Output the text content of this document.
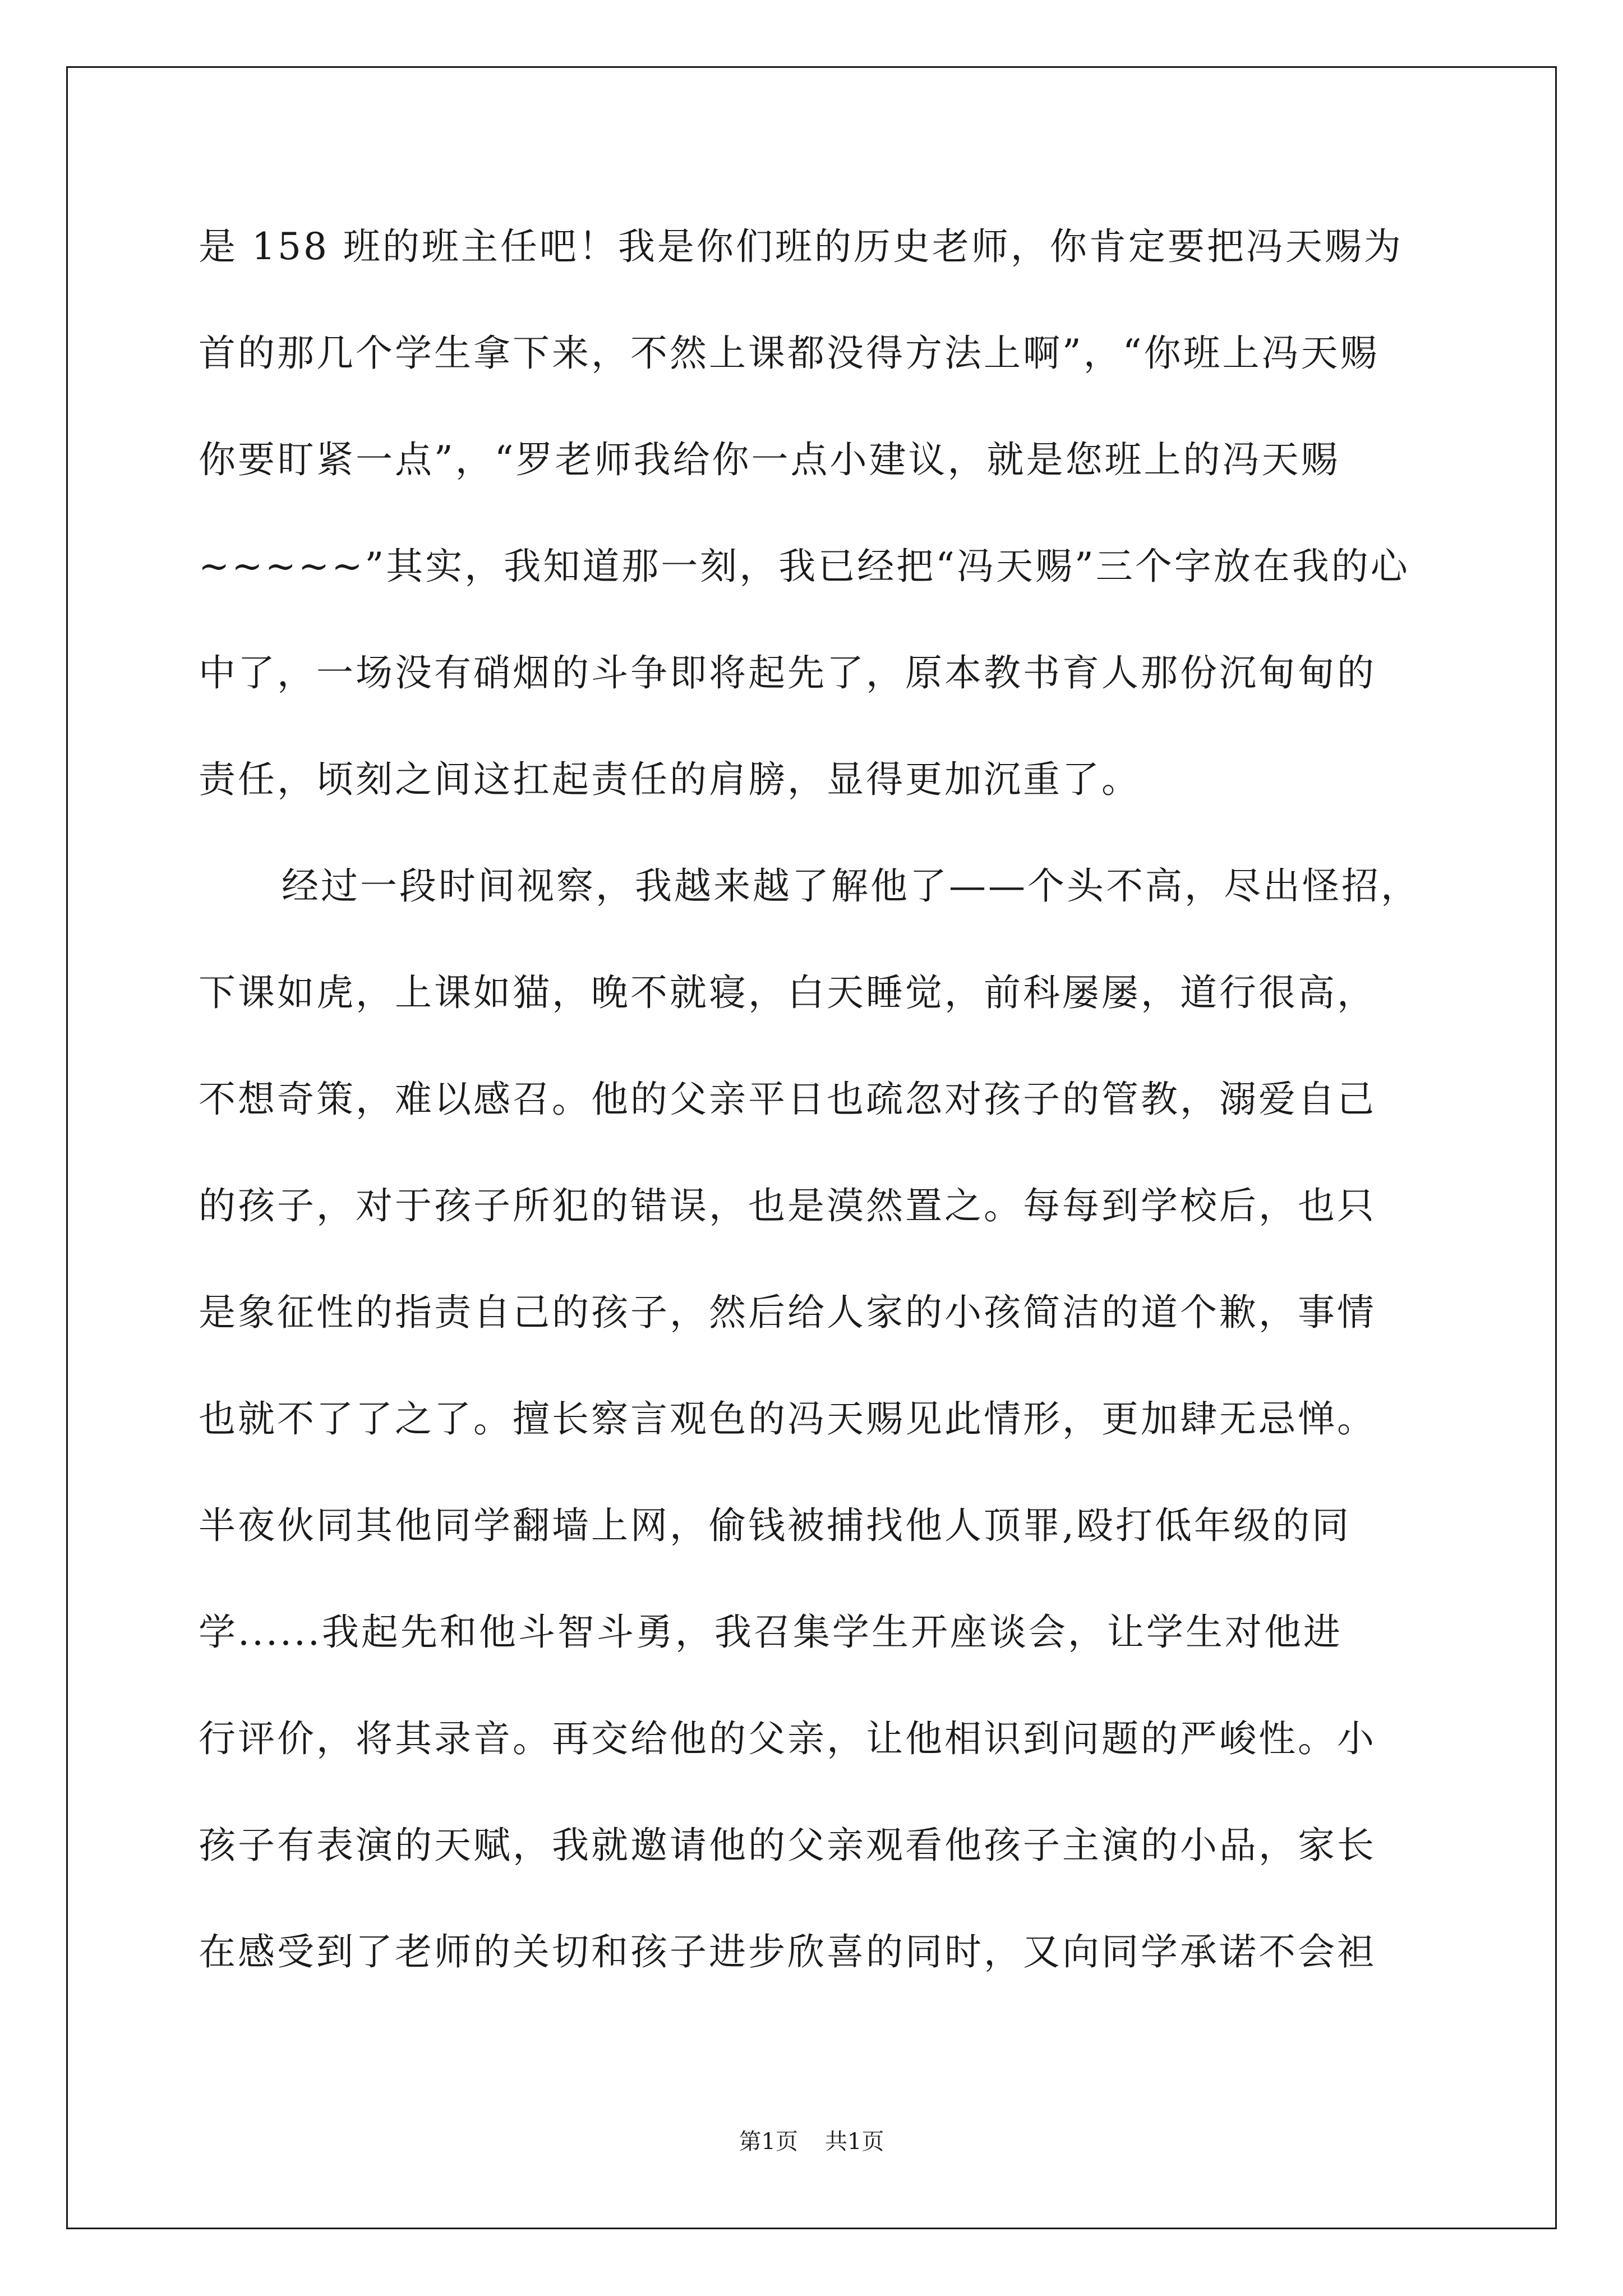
是 158 班的班主任吧！我是你们班的历史老师，你肯定要把冯天赐为
首的那几个学生拿下来，不然上课都没得方法上啊”，“你班上冯天赐
你要盯紧一点”，“罗老师我给你一点小建议，就是您班上的冯天赐
~~~~~”其实，我知道那一刻，我已经把“冯天赐”三个字放在我的心
中了，一场没有硝烟的斗争即将起先了，原本教书育人那份沉甸甸的
责任，顷刻之间这扛起责任的肩膀，显得更加沉重了。
经过一段时间视察，我越来越了解他了——个头不高，尽出怪招，
下课如虎，上课如猫，晚不就寝，白天睡觉，前科屡屡，道行很高，
不想奇策，难以感召。他的父亲平日也疏忽对孩子的管教，溺爱自己
的孩子，对于孩子所犯的错误，也是漠然置之。每每到学校后，也只
是象征性的指责自己的孩子，然后给人家的小孩简洁的道个歉，事情
也就不了了之了。擅长察言观色的冯天赐见此情形，更加肆无忌惮。
半夜伙同其他同学翻墙上网，偷钱被捕找他人顶罪,殴打低年级的同
学......我起先和他斗智斗勇，我召集学生开座谈会，让学生对他进
行评价，将其录音。再交给他的父亲，让他相识到问题的严峻性。小
孩子有表演的天赋，我就邀请他的父亲观看他孩子主演的小品，家长
在感受到了老师的关切和孩子进步欣喜的同时，又向同学承诺不会袒
第1页 共1页
